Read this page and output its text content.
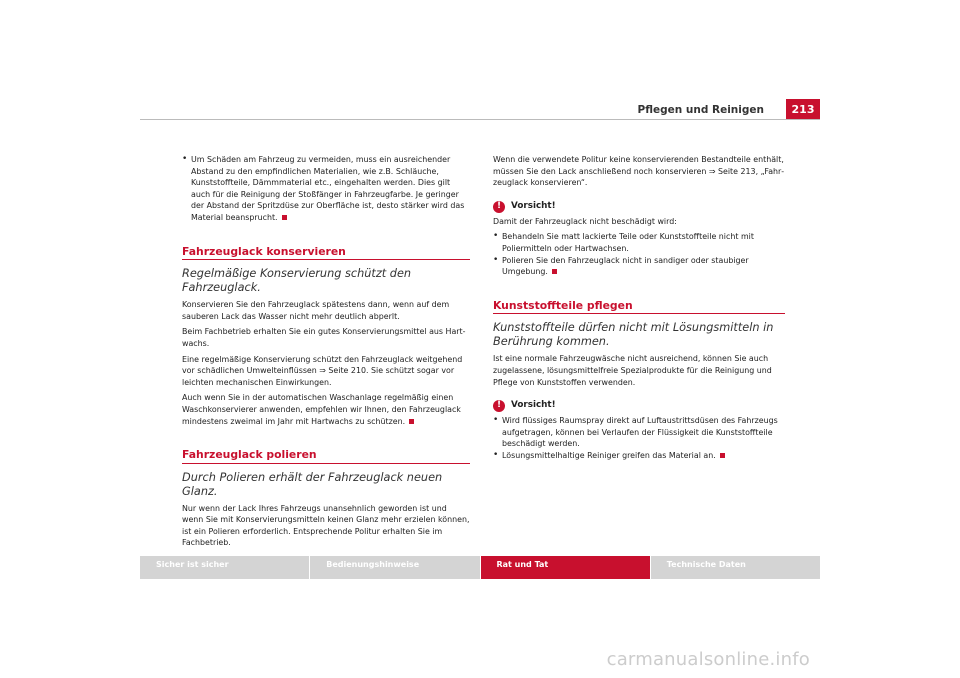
Pflegen und Reinigen	213
• Um Schäden am Fahrzeug zu vermeiden, muss ein ausreichender Abstand zu den empfindlichen Materialien, wie z.B. Schläuche, Kunststoffteile, Dämmmaterial etc., eingehalten werden. Dies gilt auch für die Reinigung der Stoßfänger in Fahrzeugfarbe. Je geringer der Abstand der Spritzdüse zur Oberfläche ist, desto stärker wird das Material beansprucht.
Fahrzeuglack konservieren
Regelmäßige Konservierung schützt den Fahrzeuglack.

Konservieren Sie den Fahrzeuglack spätestens dann, wenn auf dem sauberen Lack das Wasser nicht mehr deutlich abperlt.

Beim Fachbetrieb erhalten Sie ein gutes Konservierungsmittel aus Hartwachs.

Eine regelmäßige Konservierung schützt den Fahrzeuglack weitgehend vor schädlichen Umwelteinflüssen ⇒ Seite 210. Sie schützt sogar vor leichten mechanischen Einwirkungen.

Auch wenn Sie in der automatischen Waschanlage regelmäßig einen Waschkonservierer anwenden, empfehlen wir Ihnen, den Fahrzeuglack mindestens zweimal im Jahr mit Hartwachs zu schützen.

Fahrzeuglack polieren
Durch Polieren erhält der Fahrzeuglack neuen Glanz.

Nur wenn der Lack Ihres Fahrzeugs unansehnlich geworden ist und wenn Sie mit Konservierungsmitteln keinen Glanz mehr erzielen können, ist ein Polieren erforderlich. Entsprechende Politur erhalten Sie im Fachbetrieb.

Wenn die verwendete Politur keine konservierenden Bestandteile enthält, müssen Sie den Lack anschließend noch konservieren ⇒ Seite 213, „Fahrzeuglack konservieren“.

!	Vorsicht!

Damit der Fahrzeuglack nicht beschädigt wird:

• Behandeln Sie matt lackierte Teile oder Kunststoffteile nicht mit Poliermitteln oder Hartwachsen.
• Polieren Sie den Fahrzeuglack nicht in sandiger oder staubiger Umgebung.
Kunststoffteile pflegen
Kunststoffteile dürfen nicht mit Lösungsmitteln in Berührung kommen.

Ist eine normale Fahrzeugwäsche nicht ausreichend, können Sie auch zugelassene, lösungsmittelfreie Spezialprodukte für die Reinigung und Pflege von Kunststoffen verwenden.

!	Vorsicht!
• Wird flüssiges Raumspray direkt auf Luftaustrittsdüsen des Fahrzeugs aufgetragen, können bei Verlaufen der Flüssigkeit die Kunststoffteile beschädigt werden.
• Lösungsmittelhaltige Reiniger greifen das Material an.
Sicher ist sicher	Bedienungshinweise	Rat und Tat	Technische Daten
carmanualsonline.info
